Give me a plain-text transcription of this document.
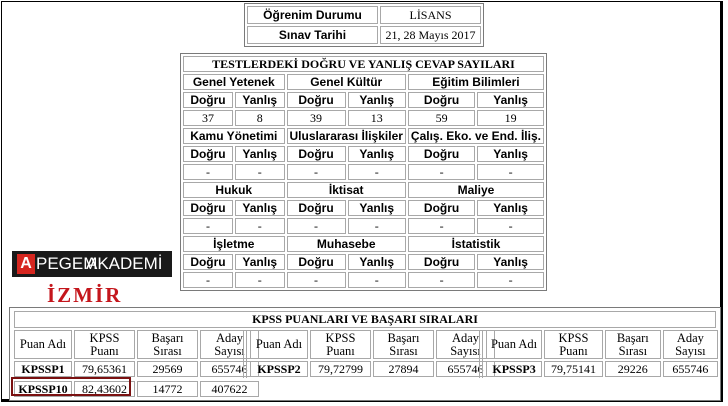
Öğrenim Durumu	LİSANS
Sınav Tarihi	21, 28 Mayıs 2017
TESTLERDEKİ DOĞRU VE YANLIŞ CEVAP SAYILARI					
Genel Yetenek		Genel Kültür		Eğitim Bilimleri	
Doğru	Yanlış	Doğru	Yanlış	Doğru	Yanlış
37	8	39	13	59	19
Kamu Yönetimi		Uluslararası İlişkiler		Çalış. Eko. ve End. İliş.	
Doğru	Yanlış	Doğru	Yanlış	Doğru	Yanlış
-	-	-	-	-	-
Hukuk		İktisat		Maliye	
Doğru	Yanlış	Doğru	Yanlış	Doğru	Yanlış
-	-	-	-	-	-
İşletme		Muhasebe		İstatistik	
Doğru	Yanlış	Doğru	Yanlış	Doğru	Yanlış
-	-	-	-	-	-
A PEGEM
AKADEMİ
İZMİR
KPSS PUANLARI VE BAŞARI SIRALARI
Puan Adı	KPSS Puanı	Başarı Sırası	Aday Sayısı
KPSSP1	79,65361	29569	655746
Puan Adı	KPSS Puanı	Başarı Sırası	Aday Sayısı
KPSSP2	79,72799	27894	655746
Puan Adı	KPSS Puanı	Başarı Sırası	Aday Sayısı
KPSSP3	79,75141	29226	655746
KPSSP10	82,43602	14772	407622
